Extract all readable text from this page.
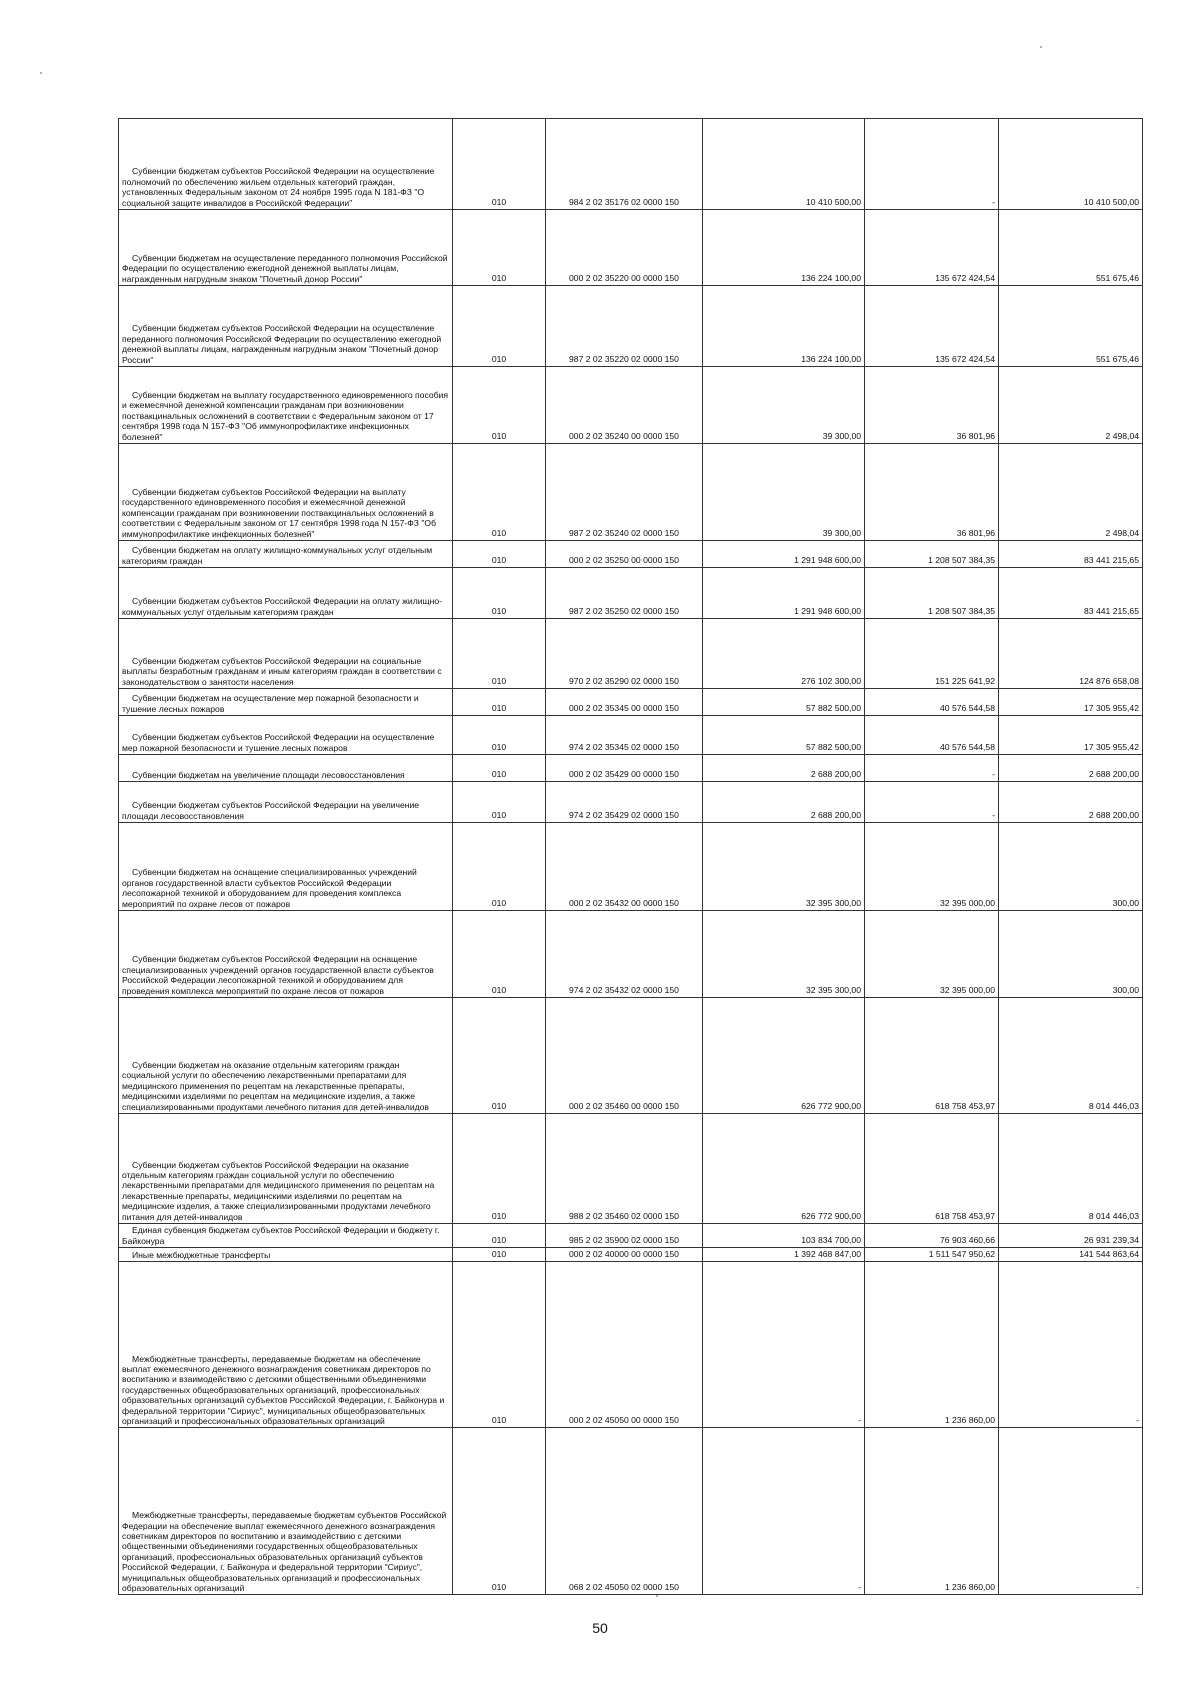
Субвенции бюджетам субъектов Российской Федерации на осуществление полномочий по обеспечению жильем отдельных категорий граждан, установленных Федеральным законом от 24 ноября 1995 года N 181-ФЗ "О социальной защите инвалидов в Российской Федерации"	010	984 2 02 35176 02 0000 150	10 410 500,00	-	10 410 500,00
Субвенции бюджетам на осуществление переданного полномочия Российской Федерации по осуществлению ежегодной денежной выплаты лицам, награжденным нагрудным знаком "Почетный донор России"	010	000 2 02 35220 00 0000 150	136 224 100,00	135 672 424,54	551 675,46
Субвенции бюджетам субъектов Российской Федерации на осуществление переданного полномочия Российской Федерации по осуществлению ежегодной денежной выплаты лицам, награжденным нагрудным знаком "Почетный донор России"	010	987 2 02 35220 02 0000 150	136 224 100,00	135 672 424,54	551 675,46
Субвенции бюджетам на выплату государственного единовременного пособия и ежемесячной денежной компенсации гражданам при возникновении поствакцинальных осложнений в соответствии с Федеральным законом от 17 сентября 1998 года N 157-ФЗ "Об иммунопрофилактике инфекционных болезней"	010	000 2 02 35240 00 0000 150	39 300,00	36 801,96	2 498,04
Субвенции бюджетам субъектов Российской Федерации на выплату государственного единовременного пособия и ежемесячной денежной компенсации гражданам при возникновении поствакцинальных осложнений в соответствии с Федеральным законом от 17 сентября 1998 года N 157-ФЗ "Об иммунопрофилактике инфекционных болезней"	010	987 2 02 35240 02 0000 150	39 300,00	36 801,96	2 498,04
Субвенции бюджетам на оплату жилищно-коммунальных услуг отдельным категориям граждан	010	000 2 02 35250 00 0000 150	1 291 948 600,00	1 208 507 384,35	83 441 215,65
Субвенции бюджетам субъектов Российской Федерации на оплату жилищно-коммунальных услуг отдельным категориям граждан	010	987 2 02 35250 02 0000 150	1 291 948 600,00	1 208 507 384,35	83 441 215,65
Субвенции бюджетам субъектов Российской Федерации на социальные выплаты безработным гражданам и иным категориям граждан в соответствии с законодательством о занятости населения	010	970 2 02 35290 02 0000 150	276 102 300,00	151 225 641,92	124 876 658,08
Субвенции бюджетам на осуществление мер пожарной безопасности и тушение лесных пожаров	010	000 2 02 35345 00 0000 150	57 882 500,00	40 576 544,58	17 305 955,42
Субвенции бюджетам субъектов Российской Федерации на осуществление мер пожарной безопасности и тушение лесных пожаров	010	974 2 02 35345 02 0000 150	57 882 500,00	40 576 544,58	17 305 955,42
Субвенции бюджетам на увеличение площади лесовосстановления	010	000 2 02 35429 00 0000 150	2 688 200,00	-	2 688 200,00
Субвенции бюджетам субъектов Российской Федерации на увеличение площади лесовосстановления	010	974 2 02 35429 02 0000 150	2 688 200,00	-	2 688 200,00
Субвенции бюджетам на оснащение специализированных учреждений органов государственной власти субъектов Российской Федерации лесопожарной техникой и оборудованием для проведения комплекса мероприятий по охране лесов от пожаров	010	000 2 02 35432 00 0000 150	32 395 300,00	32 395 000,00	300,00
Субвенции бюджетам субъектов Российской Федерации на оснащение специализированных учреждений органов государственной власти субъектов Российской Федерации лесопожарной техникой и оборудованием для проведения комплекса мероприятий по охране лесов от пожаров	010	974 2 02 35432 02 0000 150	32 395 300,00	32 395 000,00	300,00
Субвенции бюджетам на оказание отдельным категориям граждан социальной услуги по обеспечению лекарственными препаратами для медицинского применения по рецептам на лекарственные препараты, медицинскими изделиями по рецептам на медицинские изделия, а также специализированными продуктами лечебного питания для детей-инвалидов	010	000 2 02 35460 00 0000 150	626 772 900,00	618 758 453,97	8 014 446,03
Субвенции бюджетам субъектов Российской Федерации на оказание отдельным категориям граждан социальной услуги по обеспечению лекарственными препаратами для медицинского применения по рецептам на лекарственные препараты, медицинскими изделиями по рецептам на медицинские изделия, а также специализированными продуктами лечебного питания для детей-инвалидов	010	988 2 02 35460 02 0000 150	626 772 900,00	618 758 453,97	8 014 446,03
Единая субвенция бюджетам субъектов Российской Федерации и бюджету г. Байконура	010	985 2 02 35900 02 0000 150	103 834 700,00	76 903 460,66	26 931 239,34
Иные межбюджетные трансферты	010	000 2 02 40000 00 0000 150	1 392 468 847,00	1 511 547 950,62	141 544 863,64
Межбюджетные трансферты, передаваемые бюджетам на обеспечение выплат ежемесячного денежного вознаграждения советникам директоров по воспитанию и взаимодействию с детскими общественными объединениями государственных общеобразовательных организаций, профессиональных образовательных организаций субъектов Российской Федерации, г. Байконура и федеральной территории "Сириус", муниципальных общеобразовательных организаций и профессиональных образовательных организаций	010	000 2 02 45050 00 0000 150	-	1 236 860,00	-
Межбюджетные трансферты, передаваемые бюджетам субъектов Российской Федерации на обеспечение выплат ежемесячного денежного вознаграждения советникам директоров по воспитанию и взаимодействию с детскими общественными объединениями государственных общеобразовательных организаций, профессиональных образовательных организаций субъектов Российской Федерации, г. Байконура и федеральной территории "Сириус", муниципальных общеобразовательных организаций и профессиональных образовательных организаций	010	068 2 02 45050 02 0000 150	-	1 236 860,00	-
50
